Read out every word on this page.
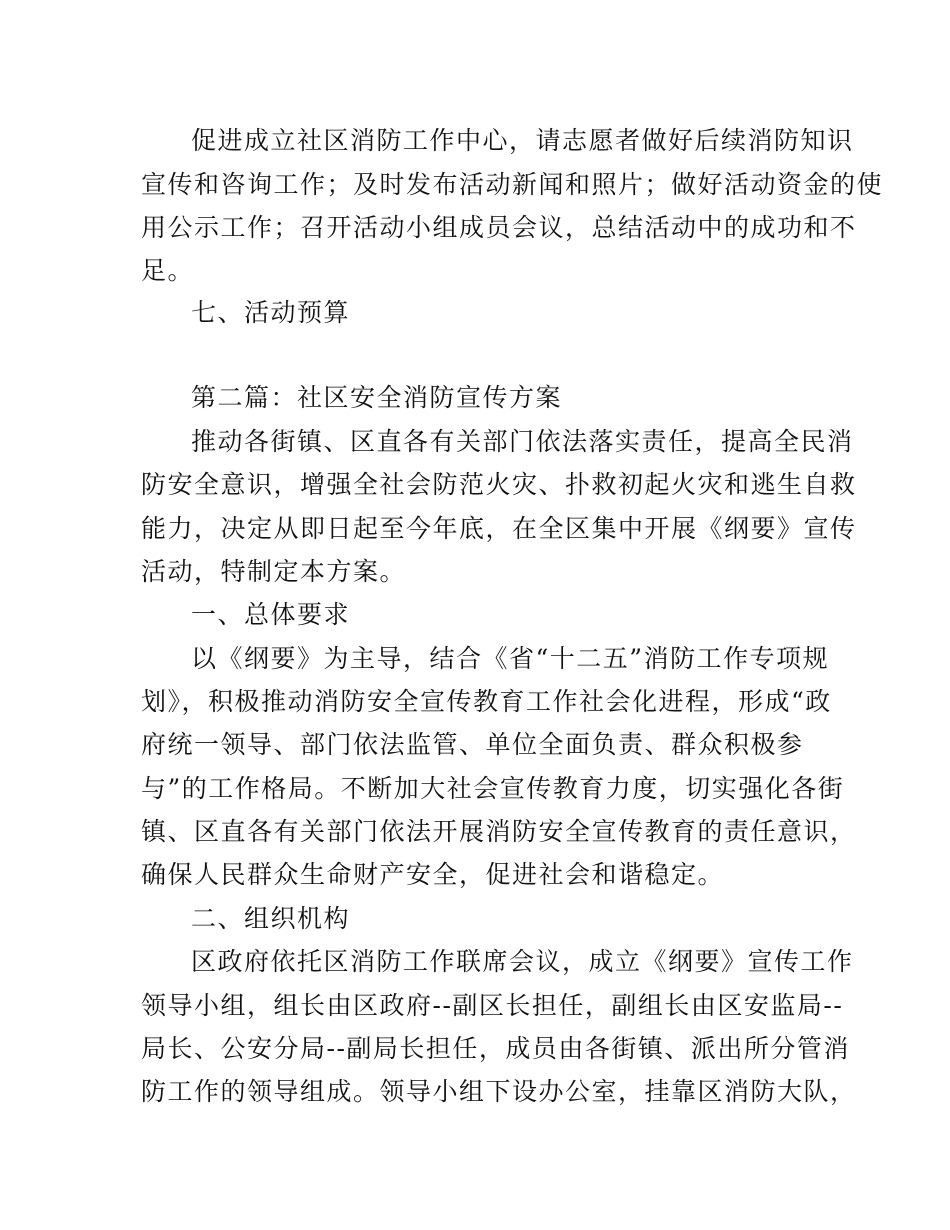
促进成立社区消防工作中心，请志愿者做好后续消防知识
宣传和咨询工作；及时发布活动新闻和照片；做好活动资金的使
用公示工作；召开活动小组成员会议，总结活动中的成功和不
足。
七、活动预算
第二篇：社区安全消防宣传方案
推动各街镇、区直各有关部门依法落实责任，提高全民消
防安全意识，增强全社会防范火灾、扑救初起火灾和逃生自救
能力，决定从即日起至今年底，在全区集中开展《纲要》宣传
活动，特制定本方案。
一、总体要求
以《纲要》为主导，结合《省“十二五”消防工作专项规
划》，积极推动消防安全宣传教育工作社会化进程，形成“政
府统一领导、部门依法监管、单位全面负责、群众积极参
与”的工作格局。不断加大社会宣传教育力度，切实强化各街
镇、区直各有关部门依法开展消防安全宣传教育的责任意识，
确保人民群众生命财产安全，促进社会和谐稳定。
二、组织机构
区政府依托区消防工作联席会议，成立《纲要》宣传工作
领导小组，组长由区政府--副区长担任，副组长由区安监局--
局长、公安分局--副局长担任，成员由各街镇、派出所分管消
防工作的领导组成。领导小组下设办公室，挂靠区消防大队，
